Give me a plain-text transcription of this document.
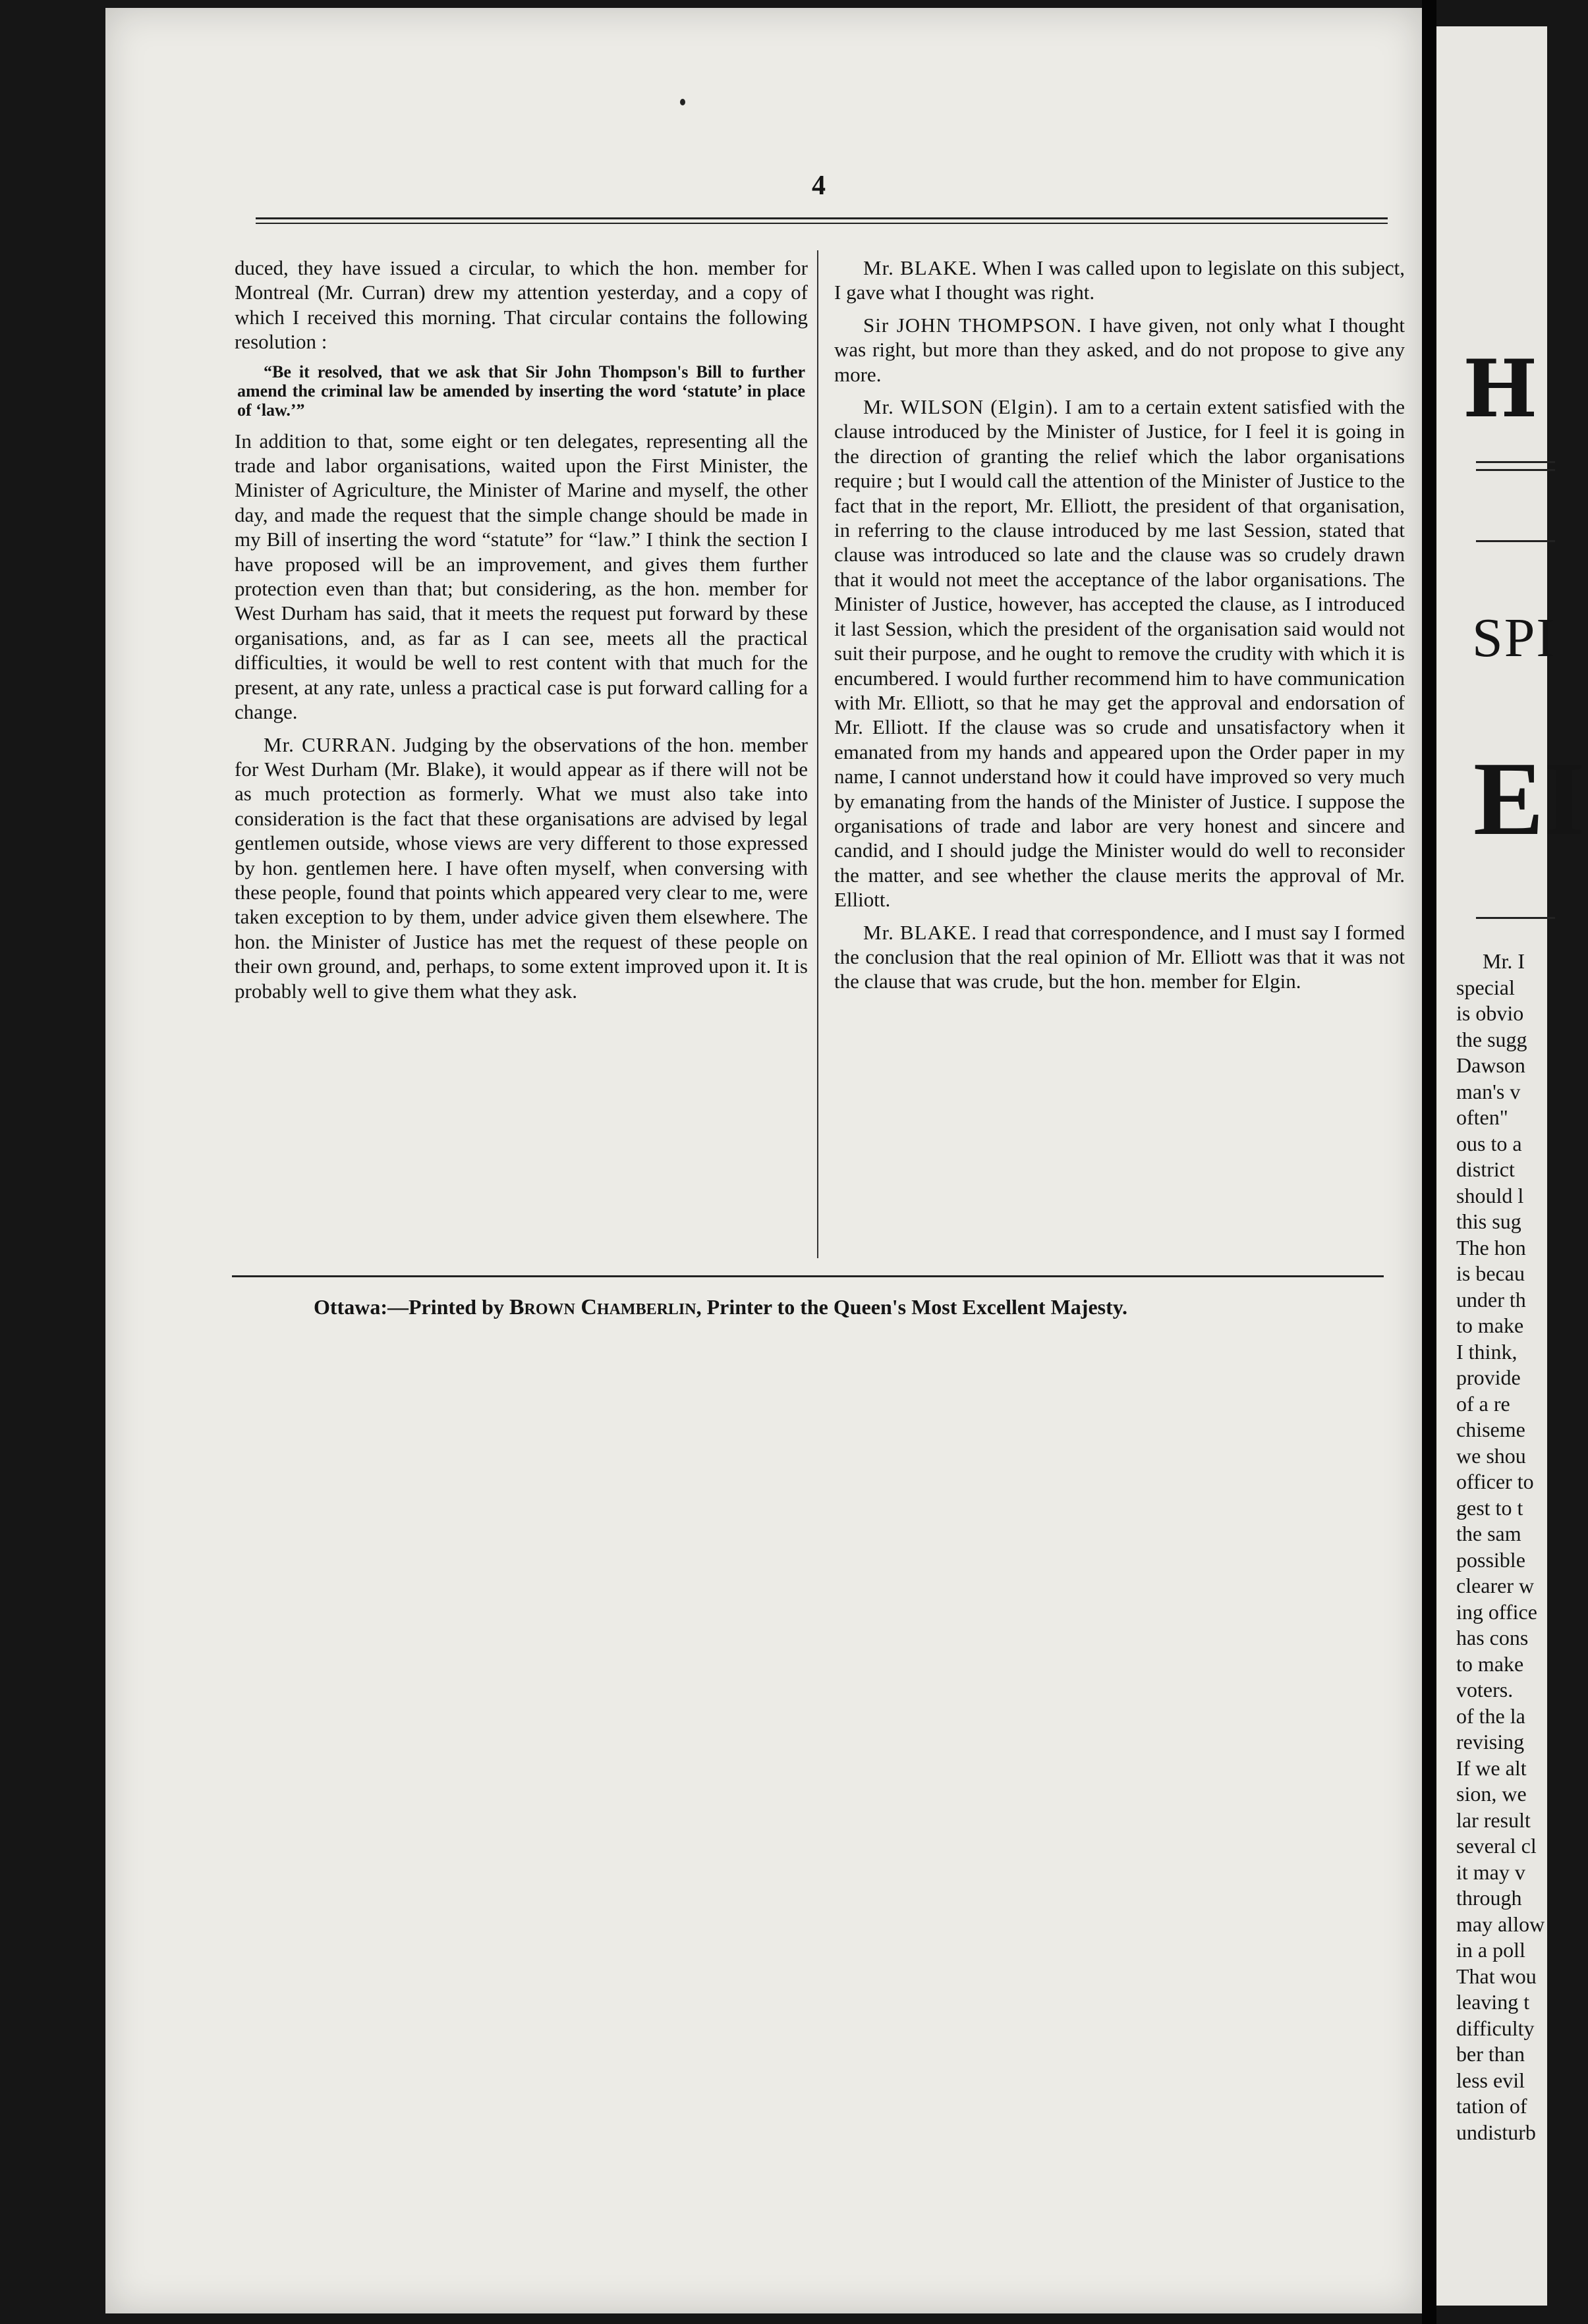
4

duced, they have issued a circular, to which the hon. member for Montreal (Mr. Curran) drew my attention yesterday, and a copy of which I received this morning. That circular contains the following resolution :

“Be it resolved, that we ask that Sir John Thompson's Bill to further amend the criminal law be amended by inserting the word ‘statute’ in place of ‘law.’”

In addition to that, some eight or ten delegates, representing all the trade and labor organisations, waited upon the First Minister, the Minister of Agriculture, the Minister of Marine and myself, the other day, and made the request that the simple change should be made in my Bill of inserting the word “statute” for “law.” I think the section I have proposed will be an improvement, and gives them further protection even than that; but considering, as the hon. member for West Durham has said, that it meets the request put forward by these organisations, and, as far as I can see, meets all the practical difficulties, it would be well to rest content with that much for the present, at any rate, unless a practical case is put forward calling for a change.

Mr. CURRAN. Judging by the observations of the hon. member for West Durham (Mr. Blake), it would appear as if there will not be as much protection as formerly. What we must also take into consideration is the fact that these organisations are advised by legal gentlemen outside, whose views are very different to those expressed by hon. gentlemen here. I have often myself, when conversing with these people, found that points which appeared very clear to me, were taken exception to by them, under advice given them elsewhere. The hon. the Minister of Justice has met the request of these people on their own ground, and, perhaps, to some extent improved upon it. It is probably well to give them what they ask.

Mr. BLAKE. When I was called upon to legislate on this subject, I gave what I thought was right.

Sir JOHN THOMPSON. I have given, not only what I thought was right, but more than they asked, and do not propose to give any more.

Mr. WILSON (Elgin). I am to a certain extent satisfied with the clause introduced by the Minister of Justice, for I feel it is going in the direction of granting the relief which the labor organisations require ; but I would call the attention of the Minister of Justice to the fact that in the report, Mr. Elliott, the president of that organisation, in referring to the clause introduced by me last Session, stated that clause was introduced so late and the clause was so crudely drawn that it would not meet the acceptance of the labor organisations. The Minister of Justice, however, has accepted the clause, as I introduced it last Session, which the president of the organisation said would not suit their purpose, and he ought to remove the crudity with which it is encumbered. I would further recommend him to have communication with Mr. Elliott, so that he may get the approval and endorsation of Mr. Elliott. If the clause was so crude and unsatisfactory when it emanated from my hands and appeared upon the Order paper in my name, I cannot understand how it could have improved so very much by emanating from the hands of the Minister of Justice. I suppose the organisations of trade and labor are very honest and sincere and candid, and I should judge the Minister would do well to reconsider the matter, and see whether the clause merits the approval of Mr. Elliott.

Mr. BLAKE. I read that correspondence, and I must say I formed the conclusion that the real opinion of Mr. Elliott was that it was not the clause that was crude, but the hon. member for Elgin.

Ottawa:—Printed by Brown Chamberlin, Printer to the Queen's Most Excellent Majesty.
H
SPI
EI
Mr. I
special
is obvio
the sugg
Dawson
man's v
often"
ous to a
district
should l
this sug
The hon
is becau
under th
to make
I think,
provide
of a re
chiseme
we shou
officer to
gest to t
the sam
possible
clearer w
ing office
has cons
to make
voters.
of the la
revising
If we alt
sion, we
lar result
several cl
it may v
through
may allow
in a poll
That wou
leaving t
difficulty
ber than
less evil
tation of
undisturb
